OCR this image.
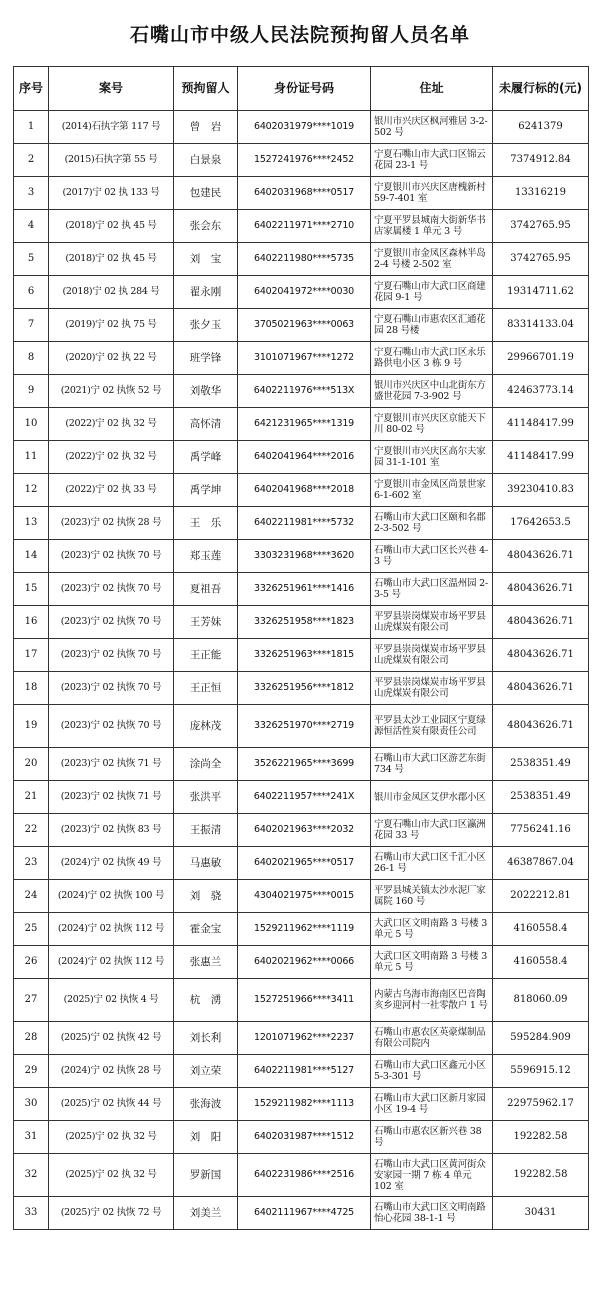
石嘴山市中级人民法院预拘留人员名单
序号	案号	预拘留人	身份证号码	住址	未履行标的(元)
1	(2014)石执字第 117 号	曾　岩	6402031979****1019	银川市兴庆区枫河雅居 3-2-502 号	6241379
2	(2015)石执字第 55 号	白景泉	1527241976****2452	宁夏石嘴山市大武口区锦云花园 23-1 号	7374912.84
3	(2017)宁 02 执 133 号	包建民	6402031968****0517	宁夏银川市兴庆区唐槐新村 59-7-401 室	13316219
4	(2018)宁 02 执 45 号	张会东	6402211971****2710	宁夏平罗县城南大街新华书店家属楼 1 单元 3 号	3742765.95
5	(2018)宁 02 执 45 号	刘　宝	6402211980****5735	宁夏银川市金凤区森林半岛 2-4 号楼 2-502 室	3742765.95
6	(2018)宁 02 执 284 号	翟永刚	6402041972****0030	宁夏石嘴山市大武口区商建花园 9-1 号	19314711.62
7	(2019)宁 02 执 75 号	张夕玉	3705021963****0063	宁夏石嘴山市惠农区汇通花园 28 号楼	83314133.04
8	(2020)宁 02 执 22 号	班学锋	3101071967****1272	宁夏石嘴山市大武口区永乐路供电小区 3 栋 9 号	29966701.19
9	(2021)宁 02 执恢 52 号	刘敬华	6402211976****513X	银川市兴庆区中山北街东方盛世花园 7-3-902 号	42463773.14
10	(2022)宁 02 执 32 号	高怀清	6421231965****1319	宁夏银川市兴庆区京能天下川 80-02 号	41148417.99
11	(2022)宁 02 执 32 号	禹学峰	6402041964****2016	宁夏银川市兴庆区高尔夫家园 31-1-101 室	41148417.99
12	(2022)宁 02 执 33 号	禹学坤	6402041968****2018	宁夏银川市金凤区尚景世家 6-1-602 室	39230410.83
13	(2023)宁 02 执恢 28 号	王　乐	6402211981****5732	石嘴山市大武口区颐和名郡 2-3-502 号	17642653.5
14	(2023)宁 02 执恢 70 号	郑玉莲	3303231968****3620	石嘴山市大武口区长兴巷 4-3 号	48043626.71
15	(2023)宁 02 执恢 70 号	夏祖吾	3326251961****1416	石嘴山市大武口区温州园 2-3-5 号	48043626.71
16	(2023)宁 02 执恢 70 号	王芳妹	3326251958****1823	平罗县崇岗煤炭市场平罗县山虎煤炭有限公司	48043626.71
17	(2023)宁 02 执恢 70 号	王正能	3326251963****1815	平罗县崇岗煤炭市场平罗县山虎煤炭有限公司	48043626.71
18	(2023)宁 02 执恢 70 号	王正恒	3326251956****1812	平罗县崇岗煤炭市场平罗县山虎煤炭有限公司	48043626.71
19	(2023)宁 02 执恢 70 号	庞林茂	3326251970****2719	平罗县太沙工业园区宁夏绿源恒活性炭有限责任公司	48043626.71
20	(2023)宁 02 执恢 71 号	涂尚全	3526221965****3699	石嘴山市大武口区游艺东街 734 号	2538351.49
21	(2023)宁 02 执恢 71 号	张洪平	6402211957****241X	银川市金凤区艾伊水郡小区	2538351.49
22	(2023)宁 02 执恢 83 号	王振清	6402021963****2032	宁夏石嘴山市大武口区瀛洲花园 33 号	7756241.16
23	(2024)宁 02 执恢 49 号	马惠敏	6402021965****0517	石嘴山市大武口区千汇小区 26-1 号	46387867.04
24	(2024)宁 02 执恢 100 号	刘　骁	4304021975****0015	平罗县城关镇太沙水泥厂家属院 160 号	2022212.81
25	(2024)宁 02 执恢 112 号	霍金宝	1529211962****1119	大武口区文明南路 3 号楼 3 单元 5 号	4160558.4
26	(2024)宁 02 执恢 112 号	张惠兰	6402021962****0066	大武口区文明南路 3 号楼 3 单元 5 号	4160558.4
27	(2025)宁 02 执恢 4 号	杭　湧	1527251966****3411	内蒙古乌海市海南区巴音陶亥乡迎河村一社零散户 1 号	818060.09
28	(2025)宁 02 执恢 42 号	刘长利	1201071962****2237	石嘴山市惠农区英豪煤制品有限公司院内	595284.909
29	(2024)宁 02 执恢 28 号	刘立荣	6402211981****5127	石嘴山市大武口区鑫元小区 5-3-301 号	5596915.12
30	(2025)宁 02 执恢 44 号	张海波	1529211982****1113	石嘴山市大武口区新月家园小区 19-4 号	22975962.17
31	(2025)宁 02 执 32 号	刘　阳	6402031987****1512	石嘴山市惠农区新兴巷 38 号	192282.58
32	(2025)宁 02 执 32 号	罗新国	6402231986****2516	石嘴山市大武口区黄河街众安家园一期 7 栋 4 单元 102 室	192282.58
33	(2025)宁 02 执恢 72 号	刘美兰	6402111967****4725	石嘴山市大武口区文明南路怡心花园 38-1-1 号	30431
